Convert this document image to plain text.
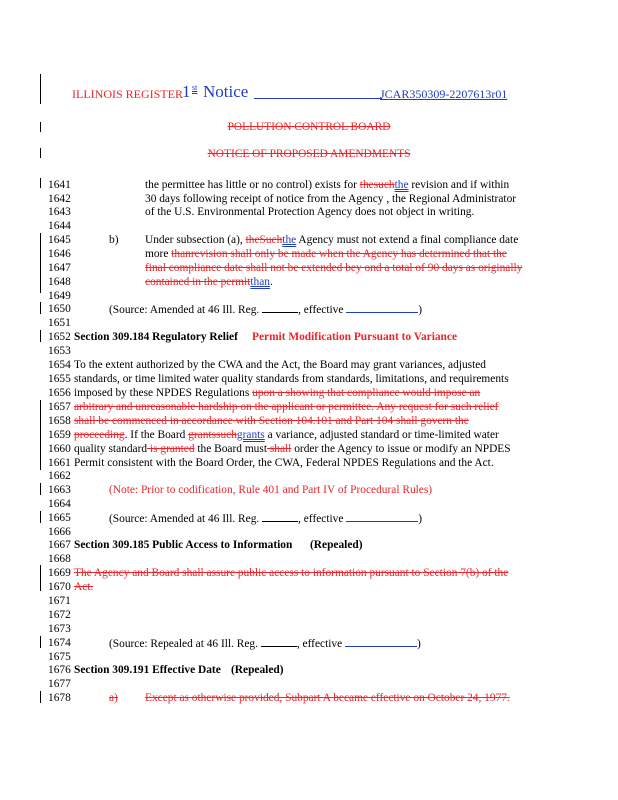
ILLINOIS REGISTER 1 st Notice	JCAR350309-2207613r01
POLLUTION CONTROL BOARD
NOTICE OF PROPOSED AMENDMENTS
1641	the permittee has little or no control) exists for thesuchthe revision and if within
1642	30 days following receipt of notice from the Agency , the Regional Administrator
1643	of the U.S. Environmental Protection Agency does not object in writing.
1644
1645	b) Under subsection (a), theSuchthe Agency must not extend a final compliance date
1646	more thanrevision shall only be made when the Agency has determined that the
1647	final compliance date shall not be extended bey ond a total of 90 days as originally
1648	contained in the permitthan.
1649
1650	(Source: Amended at 46 Ill. Reg.	, effective	)
1651
1652 Section 309.184 Regulatory Relief Permit Modification Pursuant to Variance
1653
1654 To the extent authorized by the CWA and the Act, the Board may grant variances, adjusted
1655 standards, or time limited water quality standards from standards, limitations, and requirements
1656 imposed by these NPDES Regulations upon a showing that compliance would impose an
1657 arbitrary and unreasonable hardship on the applicant or permittee. Any request for such relief
1658 shall be commenced in accordance with Section 104.101 and Part 104 shall govern the
1659 proceeding. If the Board grantssuchgrants a variance, adjusted standard or time-limited water
1660 quality standard is granted the Board must shall order the Agency to issue or modify an NPDES
1661 Permit consistent with the Board Order, the CWA, Federal NPDES Regulations and the Act.
1662
1663	(Note: Prior to codification, Rule 401 and Part IV of Procedural Rules)
1664
1665	(Source: Amended at 46 Ill. Reg.	, effective	)
1666
1667 Section 309.185 Public Access to Information (Repealed)
1668
1669 The Agency and Board shall assure public access to information pursuant to Section 7(b) of the
1670 Act.
1671
1672
1673
1674	(Source: Repealed at 46 Ill. Reg.	, effective	)
1675
1676 Section 309.191 Effective Date (Repealed)
1677
1678	a) Except as otherwise provided, Subpart A became effective on October 24, 1977.
